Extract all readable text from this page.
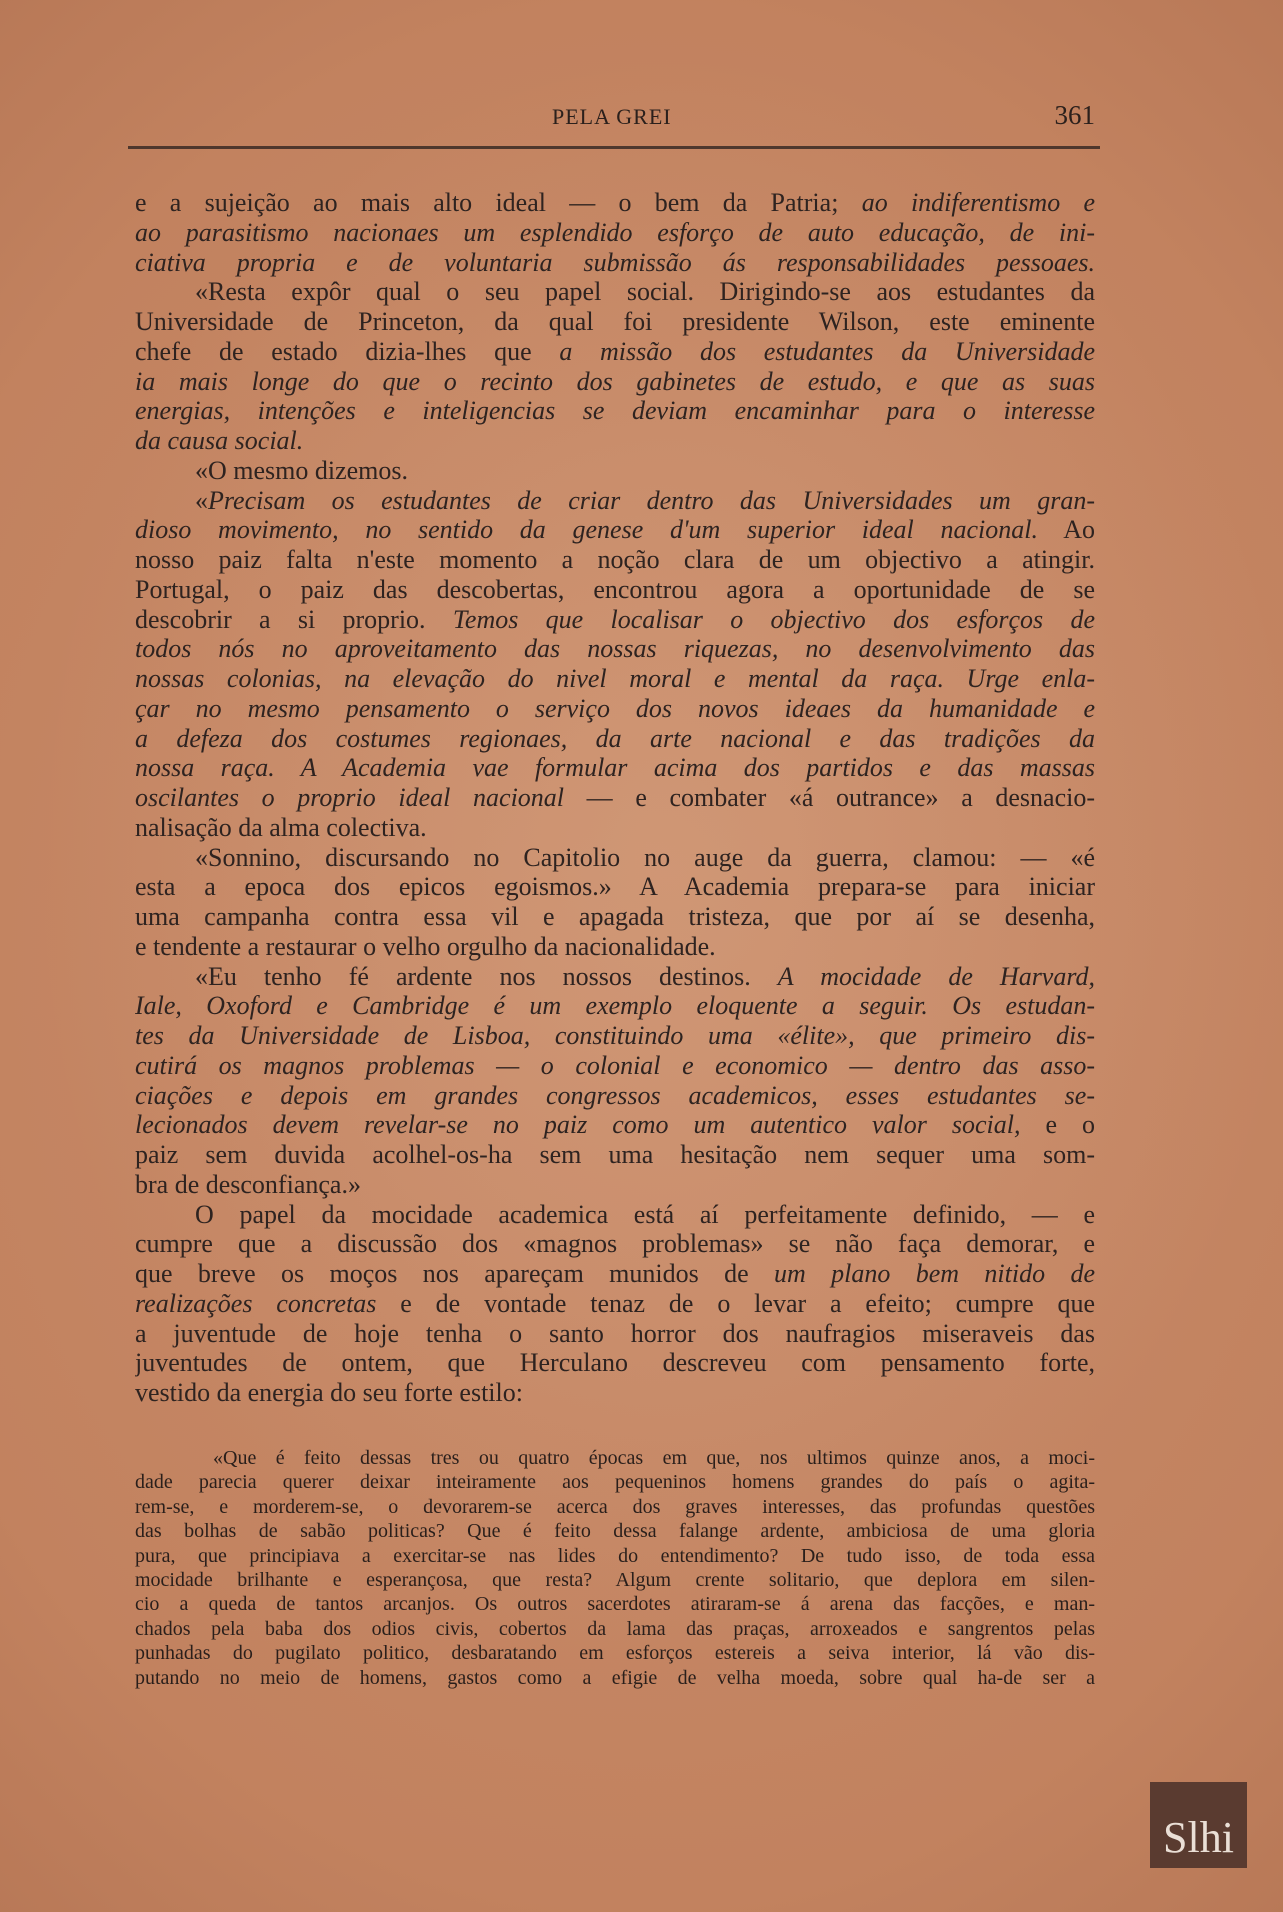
PELA GREI	361
e a sujeição ao mais alto ideal — o bem da Patria; ao indiferentismo e
ao parasitismo nacionaes um esplendido esforço de auto educação, de ini-
ciativa propria e de voluntaria submissão ás responsabilidades pessoaes.
«Resta expôr qual o seu papel social. Dirigindo-se aos estudantes da
Universidade de Princeton, da qual foi presidente Wilson, este eminente
chefe de estado dizia-lhes que a missão dos estudantes da Universidade
ia mais longe do que o recinto dos gabinetes de estudo, e que as suas
energias, intenções e inteligencias se deviam encaminhar para o interesse
da causa social.
«O mesmo dizemos.
«Precisam os estudantes de criar dentro das Universidades um gran-
dioso movimento, no sentido da genese d'um superior ideal nacional. Ao
nosso paiz falta n'este momento a noção clara de um objectivo a atingir.
Portugal, o paiz das descobertas, encontrou agora a oportunidade de se
descobrir a si proprio. Temos que localisar o objectivo dos esforços de
todos nós no aproveitamento das nossas riquezas, no desenvolvimento das
nossas colonias, na elevação do nivel moral e mental da raça. Urge enla-
çar no mesmo pensamento o serviço dos novos ideaes da humanidade e
a defeza dos costumes regionaes, da arte nacional e das tradições da
nossa raça. A Academia vae formular acima dos partidos e das massas
oscilantes o proprio ideal nacional — e combater «á outrance» a desnacio-
nalisação da alma colectiva.
«Sonnino, discursando no Capitolio no auge da guerra, clamou: — «é
esta a epoca dos epicos egoismos.» A Academia prepara-se para iniciar
uma campanha contra essa vil e apagada tristeza, que por aí se desenha,
e tendente a restaurar o velho orgulho da nacionalidade.
«Eu tenho fé ardente nos nossos destinos. A mocidade de Harvard,
Iale, Oxoford e Cambridge é um exemplo eloquente a seguir. Os estudan-
tes da Universidade de Lisboa, constituindo uma «élite», que primeiro dis-
cutirá os magnos problemas — o colonial e economico — dentro das asso-
ciações e depois em grandes congressos academicos, esses estudantes se-
lecionados devem revelar-se no paiz como um autentico valor social, e o
paiz sem duvida acolhel-os-ha sem uma hesitação nem sequer uma som-
bra de desconfiança.»
O papel da mocidade academica está aí perfeitamente definido, — e
cumpre que a discussão dos «magnos problemas» se não faça demorar, e
que breve os moços nos apareçam munidos de um plano bem nitido de
realizações concretas e de vontade tenaz de o levar a efeito; cumpre que
a juventude de hoje tenha o santo horror dos naufragios miseraveis das
juventudes de ontem, que Herculano descreveu com pensamento forte,
vestido da energia do seu forte estilo:
«Que é feito dessas tres ou quatro épocas em que, nos ultimos quinze anos, a moci-
dade parecia querer deixar inteiramente aos pequeninos homens grandes do país o agita-
rem-se, e morderem-se, o devorarem-se acerca dos graves interesses, das profundas questões
das bolhas de sabão politicas? Que é feito dessa falange ardente, ambiciosa de uma gloria
pura, que principiava a exercitar-se nas lides do entendimento? De tudo isso, de toda essa
mocidade brilhante e esperançosa, que resta? Algum crente solitario, que deplora em silen-
cio a queda de tantos arcanjos. Os outros sacerdotes atiraram-se á arena das facções, e man-
chados pela baba dos odios civis, cobertos da lama das praças, arroxeados e sangrentos pelas
punhadas do pugilato politico, desbaratando em esforços estereis a seiva interior, lá vão dis-
putando no meio de homens, gastos como a efigie de velha moeda, sobre qual ha-de ser a
Slhi
